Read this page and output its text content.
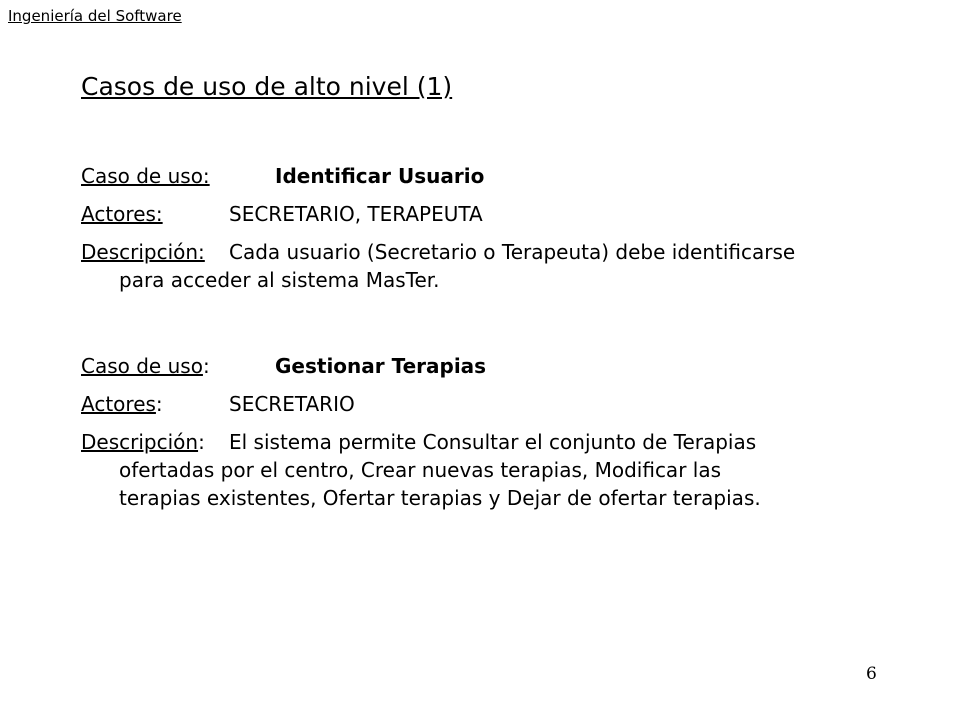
Ingeniería del Software
Casos de uso de alto nivel (1)
Caso de uso:	Identificar Usuario
Actores:	SECRETARIO, TERAPEUTA
Descripción:	Cada usuario (Secretario o Terapeuta) debe identificarse
para acceder al sistema MasTer.
Caso de uso:	Gestionar Terapias
Actores:	SECRETARIO
Descripción:	El sistema permite Consultar el conjunto de Terapias
ofertadas por el centro, Crear nuevas terapias, Modificar las
terapias existentes, Ofertar terapias y Dejar de ofertar terapias.
6
